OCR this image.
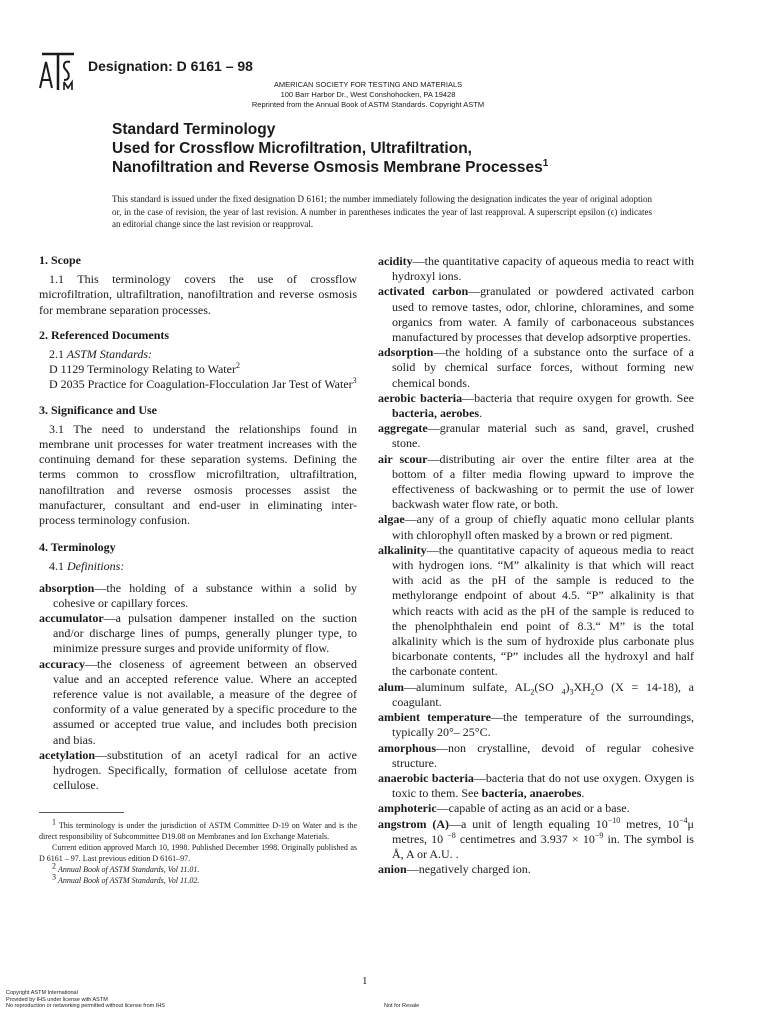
Designation: D 6161 – 98
AMERICAN SOCIETY FOR TESTING AND MATERIALS
100 Barr Harbor Dr., West Conshohocken, PA 19428
Reprinted from the Annual Book of ASTM Standards. Copyright ASTM
Standard Terminology
Used for Crossflow Microfiltration, Ultrafiltration,
Nanofiltration and Reverse Osmosis Membrane Processes$^1$
This standard is issued under the fixed designation D 6161; the number immediately following the designation indicates the year of original adoption or, in the case of revision, the year of last revision. A number in parentheses indicates the year of last reapproval. A superscript epsilon (ϵ) indicates an editorial change since the last revision or reapproval.
1. Scope

1.1 This terminology covers the use of crossflow microfiltration, ultrafiltration, nanofiltration and reverse osmosis for membrane separation processes.

2. Referenced Documents

2.1 ASTM Standards:

D 1129 Terminology Relating to Water$^2$

D 2035 Practice for Coagulation-Flocculation Jar Test of Water$^3$

3. Significance and Use

3.1 The need to understand the relationships found in membrane unit processes for water treatment increases with the continuing demand for these separation systems. Defining the terms common to crossflow microfiltration, ultrafiltration, nanofiltration and reverse osmosis processes assist the manufacturer, consultant and end-user in eliminating inter-process terminology confusion.

4. Terminology

4.1 Definitions:

absorption—the holding of a substance within a solid by cohesive or capillary forces.

accumulator—a pulsation dampener installed on the suction and/or discharge lines of pumps, generally plunger type, to minimize pressure surges and provide uniformity of flow.

accuracy—the closeness of agreement between an observed value and an accepted reference value. Where an accepted reference value is not available, a measure of the degree of conformity of a value generated by a specific procedure to the assumed or accepted true value, and includes both precision and bias.

acetylation—substitution of an acetyl radical for an active hydrogen. Specifically, formation of cellulose acetate from cellulose.

acidity—the quantitative capacity of aqueous media to react with hydroxyl ions.

activated carbon—granulated or powdered activated carbon used to remove tastes, odor, chlorine, chloramines, and some organics from water. A family of carbonaceous substances manufactured by processes that develop adsorptive properties.

adsorption—the holding of a substance onto the surface of a solid by chemical surface forces, without forming new chemical bonds.

aerobic bacteria—bacteria that require oxygen for growth. See bacteria, aerobes.

aggregate—granular material such as sand, gravel, crushed stone.

air scour—distributing air over the entire filter area at the bottom of a filter media flowing upward to improve the effectiveness of backwashing or to permit the use of lower backwash water flow rate, or both.

algae—any of a group of chiefly aquatic mono cellular plants with chlorophyll often masked by a brown or red pigment.

alkalinity—the quantitative capacity of aqueous media to react with hydrogen ions. “M” alkalinity is that which will react with acid as the pH of the sample is reduced to the methylorange endpoint of about 4.5. “P” alkalinity is that which reacts with acid as the pH of the sample is reduced to the phenolphthalein end point of 8.3.“ M” is the total alkalinity which is the sum of hydroxide plus carbonate plus bicarbonate contents, “P” includes all the hydroxyl and half the carbonate content.

alum—aluminum sulfate, $AL_2(SO$ $_4)_3XH_2O$ (X = 14-18), a coagulant.

ambient temperature—the temperature of the surroundings, typically 20°– 25°C.

amorphous—non crystalline, devoid of regular cohesive structure.

anaerobic bacteria—bacteria that do not use oxygen. Oxygen is toxic to them. See bacteria, anaerobes.

amphoteric—capable of acting as an acid or a base.

angstrom (A)—a unit of length equaling $10^{-10}$ metres, $10^{-4}\mu$ metres, 10 $^{-8}$ centimetres and $3.937 \times 10^{-9}$ in. The symbol is Å, A or A.U. .

anion—negatively charged ion.

$^1$ This terminology is under the jurisdiction of ASTM Committee D-19 on Water and is the direct responsibility of Subcommittee D19.08 on Membranes and Ion Exchange Materials.
Current edition approved March 10, 1998. Published December 1998. Originally published as D 6161 – 97. Last previous edition D 6161–97.
$^2$ Annual Book of ASTM Standards, Vol 11.01.
$^3$ Annual Book of ASTM Standards, Vol 11.02.
1
Copyright ASTM International
Provided by IHS under license with ASTM
No reproduction or networking permitted without license from IHS	Not for Resale
